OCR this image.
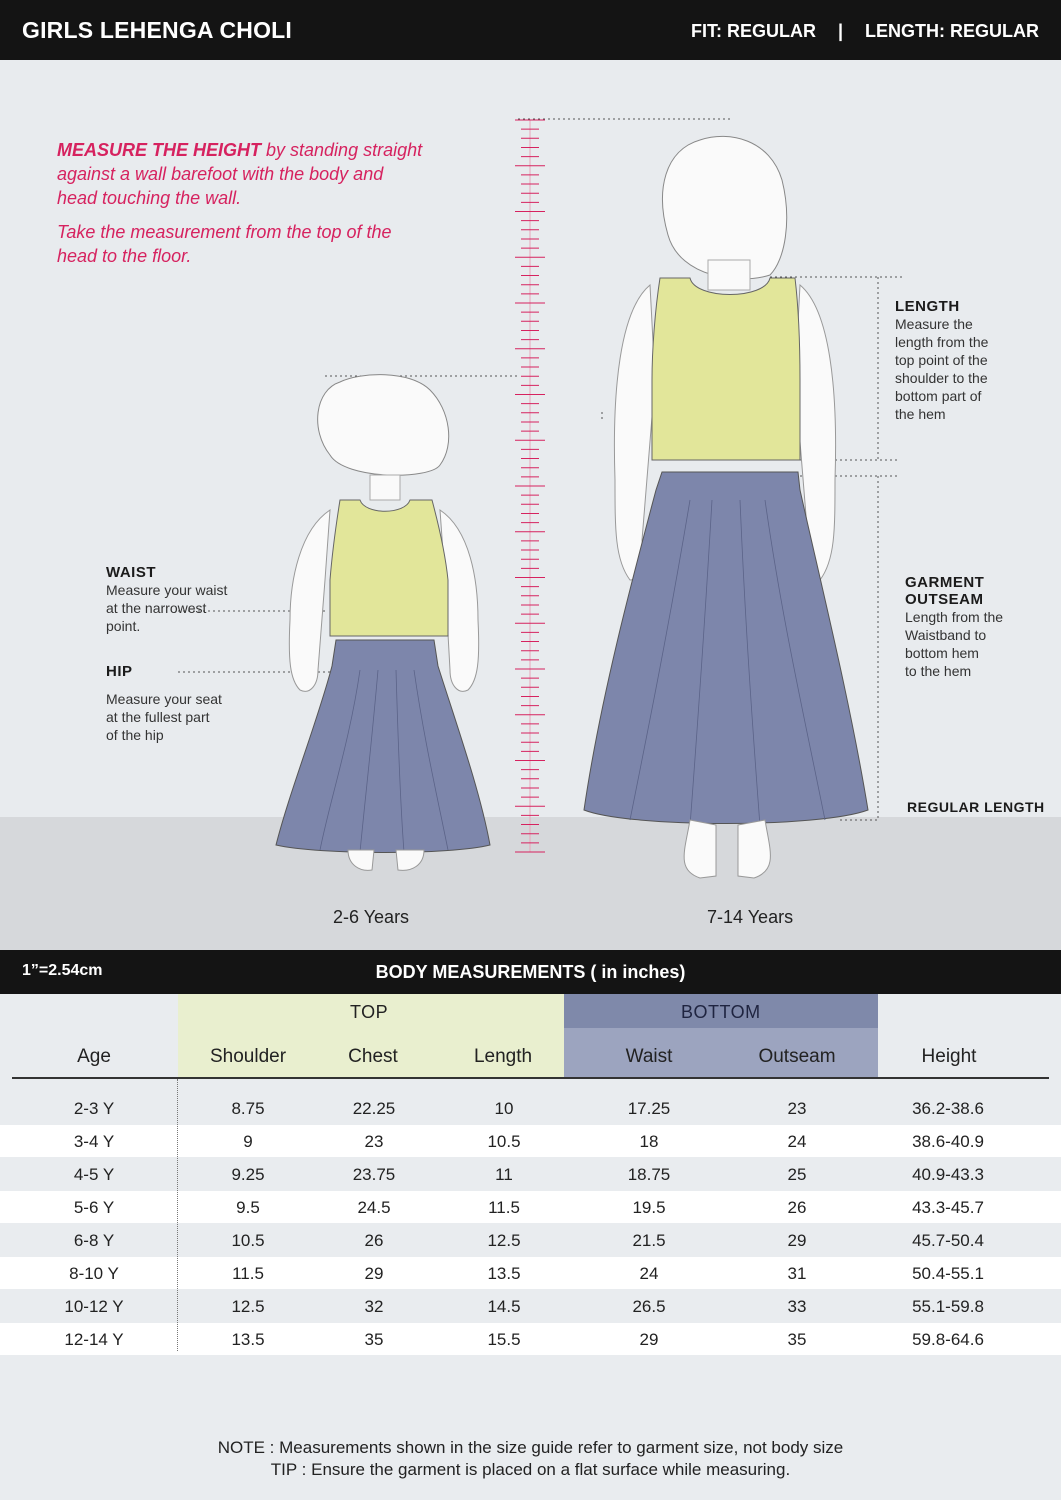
GIRLS LEHENGA CHOLI	FIT: REGULAR | LENGTH: REGULAR
MEASURE THE HEIGHT by standing straight
against a wall barefoot with the body and
head touching the wall.
Take the measurement from the top of the
head to the floor.
WAIST
Measure your waist
at the narrowest
point.
HIP
Measure your seat
at the fullest part
of the hip
LENGTH
Measure the
length from the
top point of the
shoulder to the
bottom part of
the hem
GARMENT
OUTSEAM
Length from the
Waistband to
bottom hem
to the hem
REGULAR LENGTH
2-6 Years	7-14 Years
BODY MEASUREMENTS ( in inches)
1”=2.54cm
TOP	BOTTOM
Age	Shoulder	Chest	Length	Waist	Outseam	Height
2-3 Y	8.75	22.25	10	17.25	23	36.2-38.6
3-4 Y	9	23	10.5	18	24	38.6-40.9
4-5 Y	9.25	23.75	11	18.75	25	40.9-43.3
5-6 Y	9.5	24.5	11.5	19.5	26	43.3-45.7
6-8 Y	10.5	26	12.5	21.5	29	45.7-50.4
8-10 Y	11.5	29	13.5	24	31	50.4-55.1
10-12 Y	12.5	32	14.5	26.5	33	55.1-59.8
12-14 Y	13.5	35	15.5	29	35	59.8-64.6
NOTE : Measurements shown in the size guide refer to garment size, not body size
TIP : Ensure the garment is placed on a flat surface while measuring.
